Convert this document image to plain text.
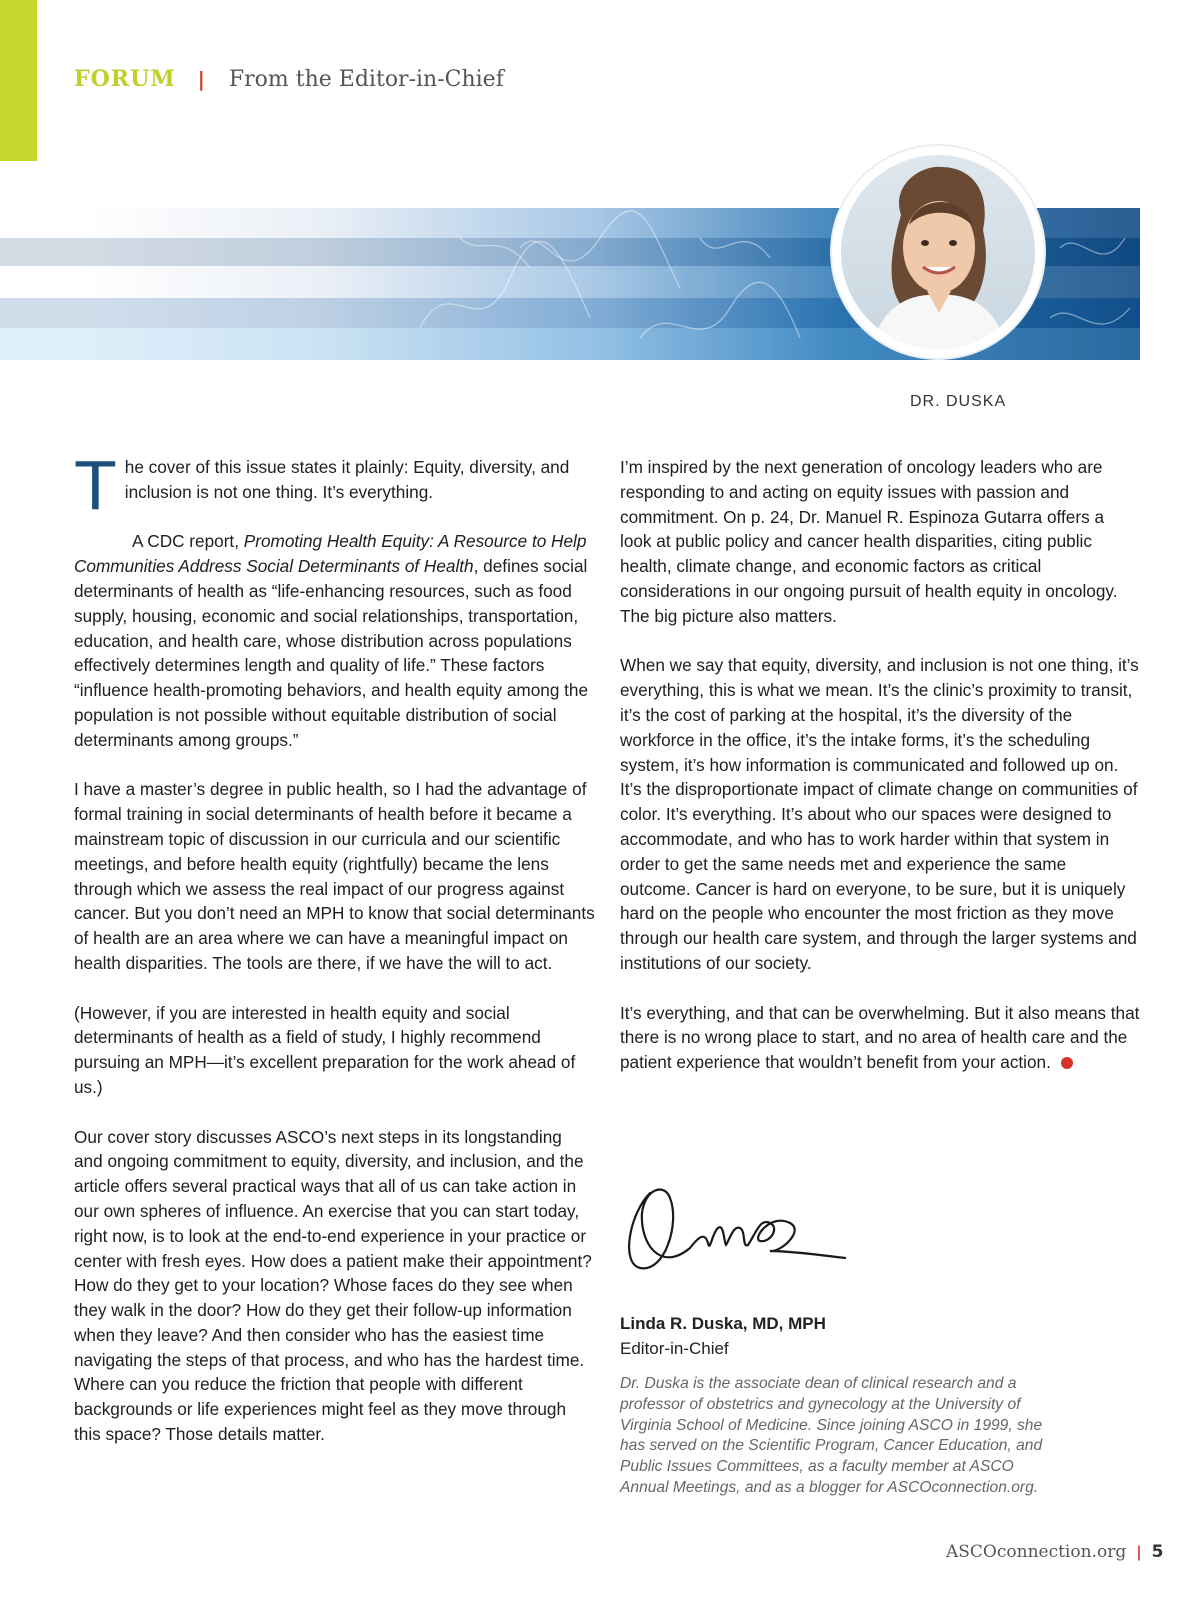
FORUM | From the Editor-in-Chief
DR. DUSKA

The cover of this issue states it plainly: Equity, diversity, and inclusion is not one thing. It’s everything.

A CDC report, Promoting Health Equity: A Resource to Help Communities Address Social Determinants of Health, defines social determinants of health as “life-enhancing resources, such as food supply, housing, economic and social relationships, transportation, education, and health care, whose distribution across populations effectively determines length and quality of life.” These factors “influence health-promoting behaviors, and health equity among the population is not possible without equitable distribution of social determinants among groups.”

I have a master’s degree in public health, so I had the advantage of formal training in social determinants of health before it became a mainstream topic of discussion in our curricula and our scientific meetings, and before health equity (rightfully) became the lens through which we assess the real impact of our progress against cancer. But you don’t need an MPH to know that social determinants of health are an area where we can have a meaningful impact on health disparities. The tools are there, if we have the will to act.

(However, if you are interested in health equity and social determinants of health as a field of study, I highly recommend pursuing an MPH—it’s excellent preparation for the work ahead of us.)

Our cover story discusses ASCO’s next steps in its longstanding and ongoing commitment to equity, diversity, and inclusion, and the article offers several practical ways that all of us can take action in our own spheres of influence. An exercise that you can start today, right now, is to look at the end-to-end experience in your practice or center with fresh eyes. How does a patient make their appointment? How do they get to your location? Whose faces do they see when they walk in the door? How do they get their follow-up information when they leave? And then consider who has the easiest time navigating the steps of that process, and who has the hardest time. Where can you reduce the friction that people with different backgrounds or life experiences might feel as they move through this space? Those details matter.

I’m inspired by the next generation of oncology leaders who are responding to and acting on equity issues with passion and commitment. On p. 24, Dr. Manuel R. Espinoza Gutarra offers a look at public policy and cancer health disparities, citing public health, climate change, and economic factors as critical considerations in our ongoing pursuit of health equity in oncology. The big picture also matters.

When we say that equity, diversity, and inclusion is not one thing, it’s everything, this is what we mean. It’s the clinic’s proximity to transit, it’s the cost of parking at the hospital, it’s the diversity of the workforce in the office, it’s the intake forms, it’s the scheduling system, it’s how information is communicated and followed up on. It’s the disproportionate impact of climate change on communities of color. It’s everything. It’s about who our spaces were designed to accommodate, and who has to work harder within that system in order to get the same needs met and experience the same outcome. Cancer is hard on everyone, to be sure, but it is uniquely hard on the people who encounter the most friction as they move through our health care system, and through the larger systems and institutions of our society.

It’s everything, and that can be overwhelming. But it also means that there is no wrong place to start, and no area of health care and the patient experience that wouldn’t benefit from your action.

Linda R. Duska, MD, MPH
Editor-in-Chief
Dr. Duska is the associate dean of clinical research and a professor of obstetrics and gynecology at the University of Virginia School of Medicine. Since joining ASCO in 1999, she has served on the Scientific Program, Cancer Education, and Public Issues Committees, as a faculty member at ASCO Annual Meetings, and as a blogger for ASCOconnection.org.
ASCOconnection.org | 5
